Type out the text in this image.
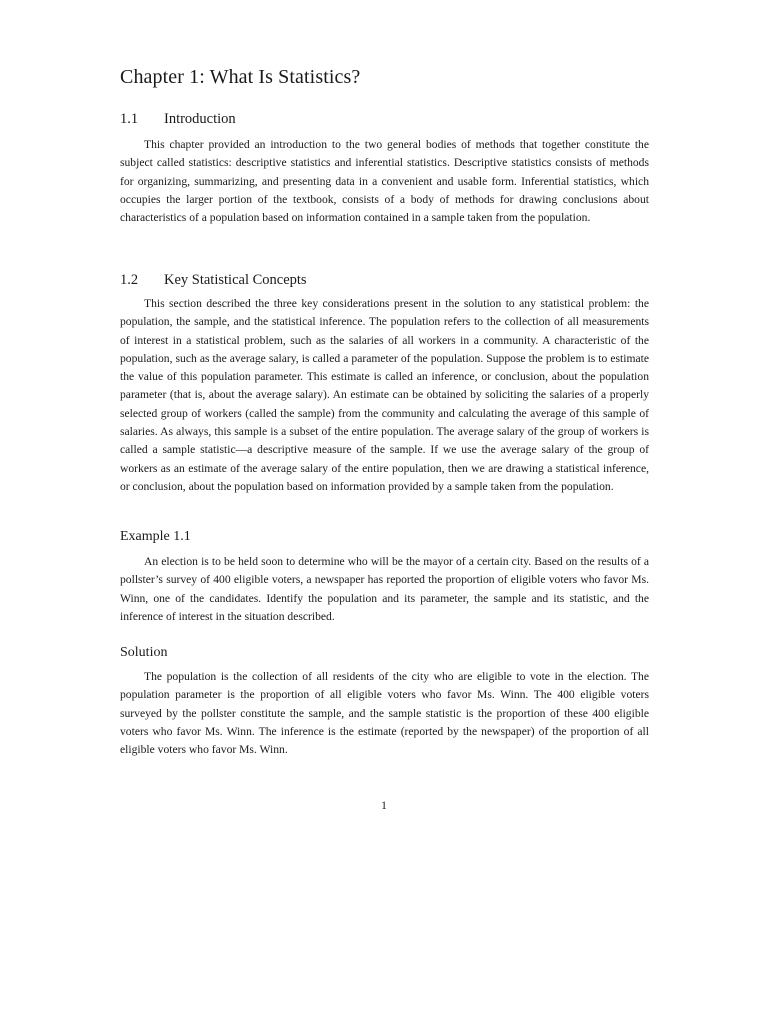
Chapter 1: What Is Statistics?
1.1 Introduction

This chapter provided an introduction to the two general bodies of methods that together constitute the subject called statistics: descriptive statistics and inferential statistics. Descriptive statistics consists of methods for organizing, summarizing, and presenting data in a convenient and usable form. Inferential statistics, which occupies the larger portion of the textbook, consists of a body of methods for drawing conclusions about characteristics of a population based on information contained in a sample taken from the population.

1.2 Key Statistical Concepts

This section described the three key considerations present in the solution to any statistical problem: the population, the sample, and the statistical inference. The population refers to the collection of all measurements of interest in a statistical problem, such as the salaries of all workers in a community. A characteristic of the population, such as the average salary, is called a parameter of the population. Suppose the problem is to estimate the value of this population parameter. This estimate is called an inference, or conclusion, about the population parameter (that is, about the average salary). An estimate can be obtained by soliciting the salaries of a properly selected group of workers (called the sample) from the community and calculating the average of this sample of salaries. As always, this sample is a subset of the entire population. The average salary of the group of workers is called a sample statistic—a descriptive measure of the sample. If we use the average salary of the group of workers as an estimate of the average salary of the entire population, then we are drawing a statistical inference, or conclusion, about the population based on information provided by a sample taken from the population.

Example 1.1

An election is to be held soon to determine who will be the mayor of a certain city. Based on the results of a pollster’s survey of 400 eligible voters, a newspaper has reported the proportion of eligible voters who favor Ms. Winn, one of the candidates. Identify the population and its parameter, the sample and its statistic, and the inference of interest in the situation described.

Solution

The population is the collection of all residents of the city who are eligible to vote in the election. The population parameter is the proportion of all eligible voters who favor Ms. Winn. The 400 eligible voters surveyed by the pollster constitute the sample, and the sample statistic is the proportion of these 400 eligible voters who favor Ms. Winn. The inference is the estimate (reported by the newspaper) of the proportion of all eligible voters who favor Ms. Winn.

1
